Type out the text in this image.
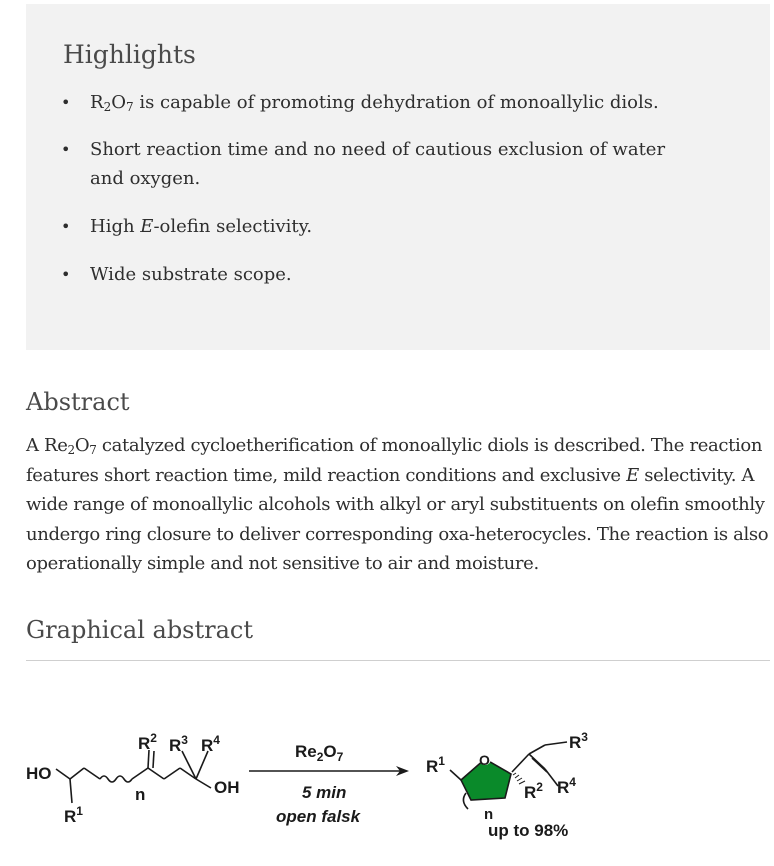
Highlights
• $R_2O_7$ is capable of promoting dehydration of monoallylic diols.
• Short reaction time and no need of cautious exclusion of water and oxygen.
• High E-olefin selectivity.
• Wide substrate scope.
Abstract

A $Re_2O_7$ catalyzed cycloetherification of monoallylic diols is described. The reaction features short reaction time, mild reaction conditions and exclusive E selectivity. A wide range of monoallylic alcohols with alkyl or aryl substituents on olefin smoothly undergo ring closure to deliver corresponding oxa-heterocycles. The reaction is also operationally simple and not sensitive to air and moisture.

Graphical abstract
HO
OH
n
$R^1$
$R^2$ $R^3$ $R^4$
$Re_2O_7$
5 min
open falsk
O
$R^1$
$R^3$
$R^2$ $R^4$
n
up to 98%
